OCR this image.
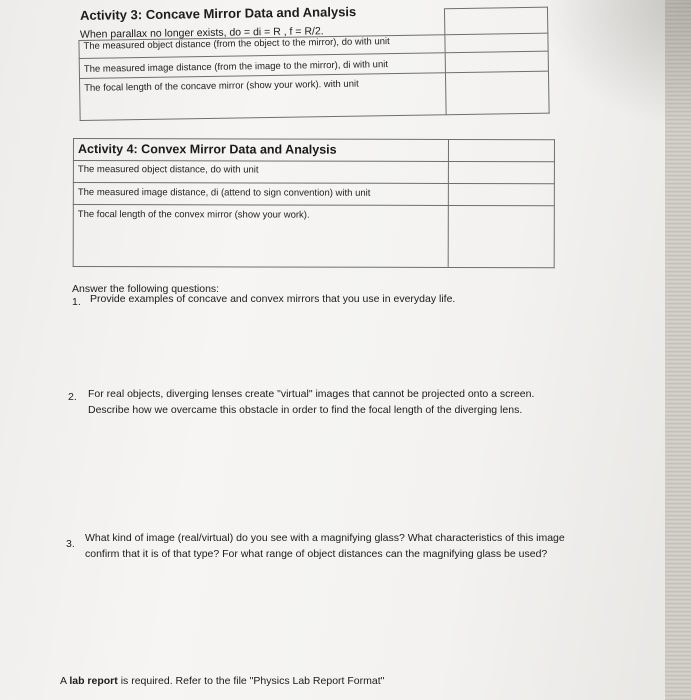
Activity 3: Concave Mirror Data and Analysis
When parallax no longer exists, do = di = R , f = R/2.

The measured object distance (from the object to the mirror), do with unit	
The measured image distance (from the image to the mirror), di with unit	
The focal length of the concave mirror (show your work). with unit	
Activity 4: Convex Mirror Data and Analysis	
The measured object distance, do with unit	
The measured image distance, di (attend to sign convention) with unit	
The focal length of the convex mirror (show your work).	
Answer the following questions:
1. Provide examples of concave and convex mirrors that you use in everyday life.
2. For real objects, diverging lenses create "virtual" images that cannot be projected onto a screen. Describe how we overcame this obstacle in order to find the focal length of the diverging lens.
3. What kind of image (real/virtual) do you see with a magnifying glass? What characteristics of this image confirm that it is of that type? For what range of object distances can the magnifying glass be used?
A lab report is required. Refer to the file "Physics Lab Report Format"
